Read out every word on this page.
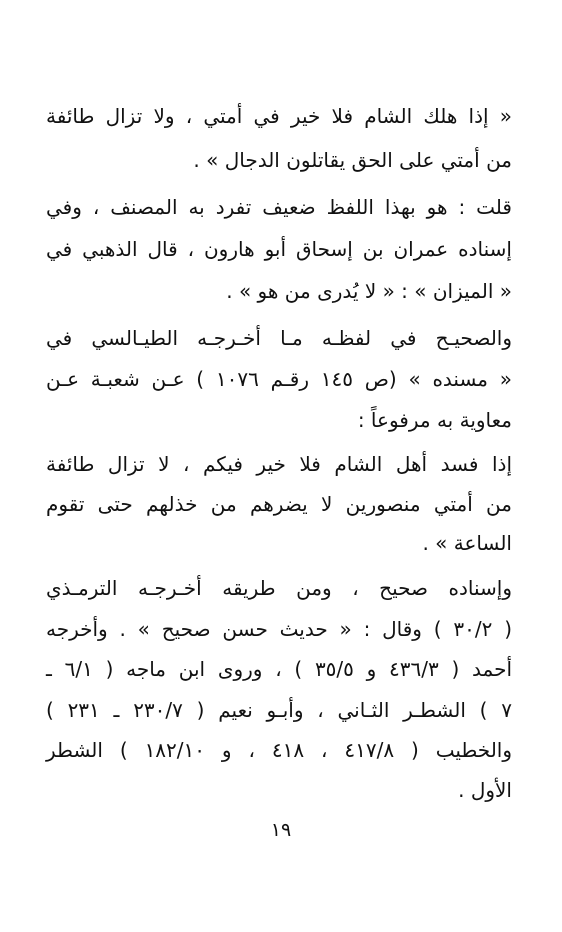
« إذا هلك الشام فلا خير في أمتي ، ولا تزال طائفة
من أمتي على الحق يقاتلون الدجال » .
قلت : هو بهذا اللفظ ضعيف تفرد به المصنف ، وفي
إسناده عمران بن إسحاق أبو هارون ، قال الذهبي في
« الميزان » : « لا يُدرى من هو » .
والصحيـح في لفظـه مـا أخـرجـه الطيـالسي في
« مسنده » (ص ١٤٥ رقـم ١٠٧٦ ) عـن شعبـة عـن
معاوية به مرفوعاً :
إذا فسد أهل الشام فلا خير فيكم ، لا تزال طائفة
من أمتي منصورين لا يضرهم من خذلهم حتى تقوم
الساعة » .
وإسناده صحيح ، ومن طريقه أخـرجـه الترمـذي
( ٣٠/٢ ) وقال : « حديث حسن صحيح » . وأخرجه
أحمد ( ٤٣٦/٣ و ٣٥/٥ ) ، وروى ابن ماجه ( ٦/١ ـ
٧ ) الشطـر الثـاني ، وأبـو نعيم ( ٢٣٠/٧ ـ ٢٣١ )
والخطيب ( ٤١٧/٨ ، ٤١٨ ، و ١٨٢/١٠ ) الشطر
الأول .
١٩
